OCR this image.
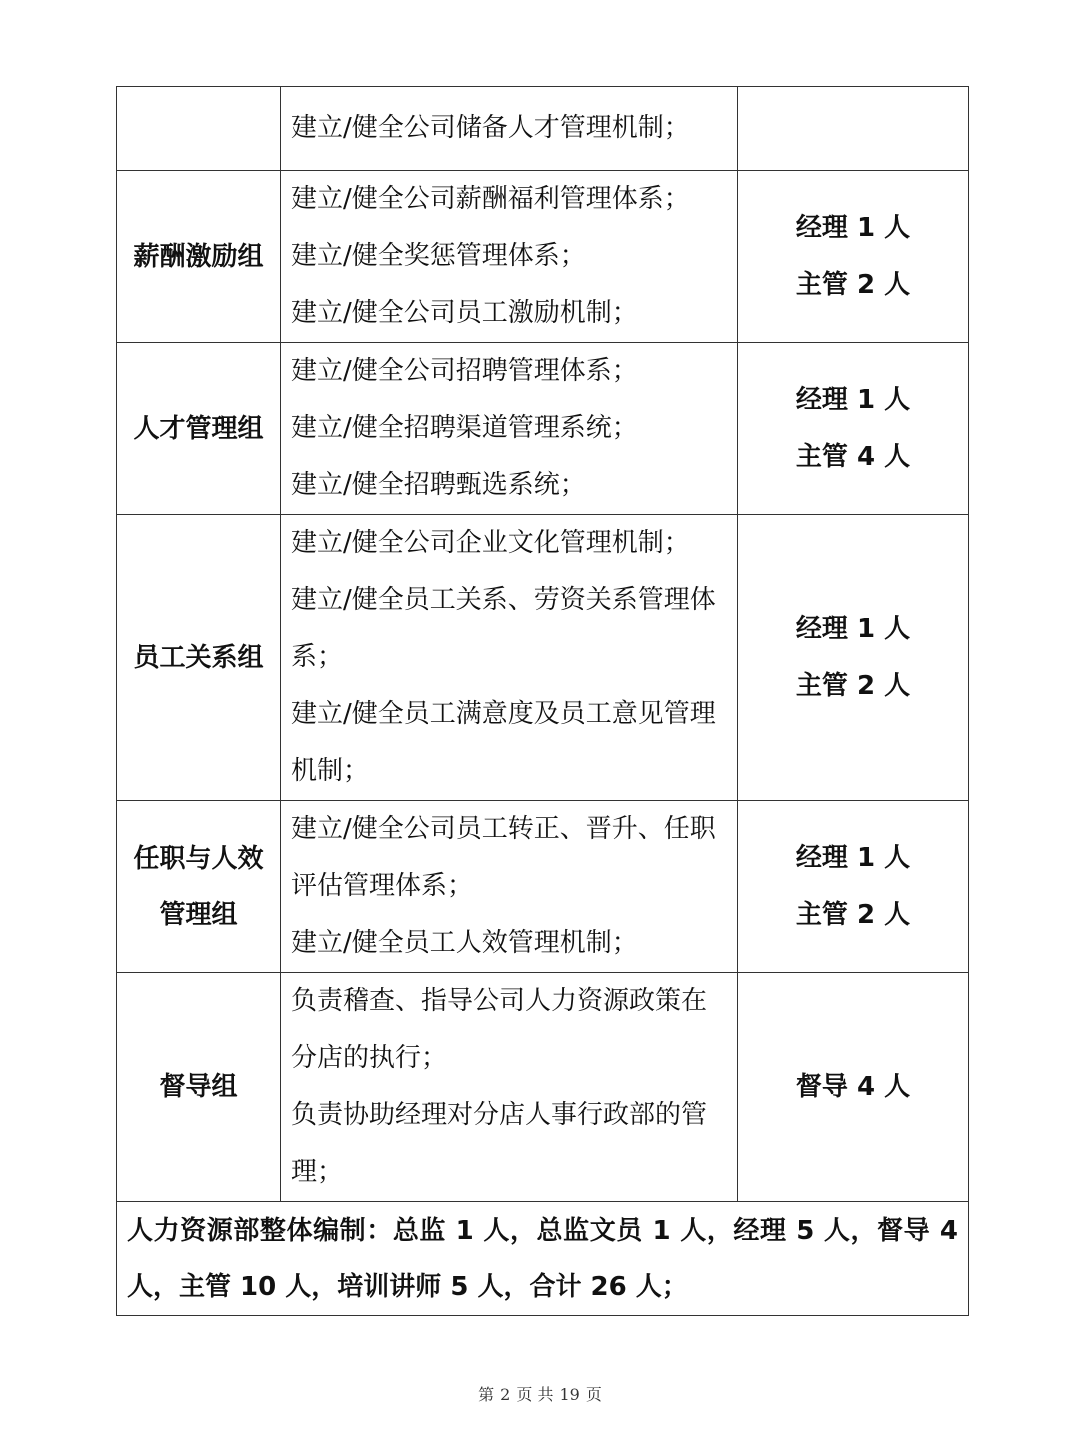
	建立/健全公司储备人才管理机制；	

薪酬激励组	建立/健全公司薪酬福利管理体系；
建立/健全奖惩管理体系；
建立/健全公司员工激励机制；	经理 1 人
主管 2 人

人才管理组	建立/健全公司招聘管理体系；
建立/健全招聘渠道管理系统；
建立/健全招聘甄选系统；	经理 1 人
主管 4 人

员工关系组	建立/健全公司企业文化管理机制；
建立/健全员工关系、劳资关系管理体系；
建立/健全员工满意度及员工意见管理机制；	经理 1 人
主管 2 人

任职与人效管理组	建立/健全公司员工转正、晋升、任职评估管理体系；
建立/健全员工人效管理机制；	经理 1 人
主管 2 人

督导组	负责稽查、指导公司人力资源政策在分店的执行；
负责协助经理对分店人事行政部的管理；	督导 4 人

人力资源部整体编制：总监 1 人，总监文员 1 人，经理 5 人，督导 4 人，主管 10 人，培训讲师 5 人，合计 26 人；		
第 2 页 共 19 页
